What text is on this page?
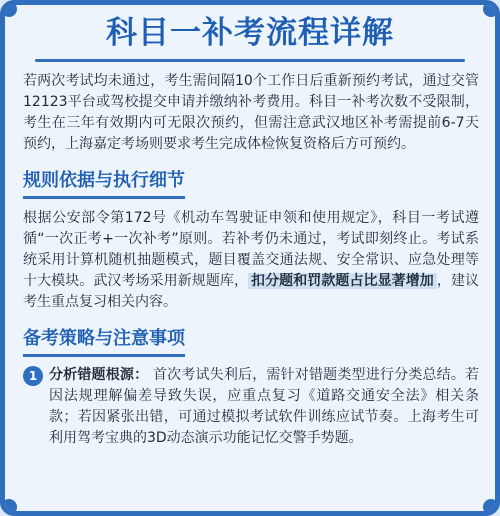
科目一补考流程详解

若两次考试均未通过，考生需间隔10个工作日后重新预约考试，通过交管12123平台或驾校提交申请并缴纳补考费用。科目一补考次数不受限制，考生在三年有效期内可无限次预约，但需注意武汉地区补考需提前6-7天预约，上海嘉定考场则要求考生完成体检恢复资格后方可预约。

规则依据与执行细节

根据公安部令第172号《机动车驾驶证申领和使用规定》，科目一考试遵循“一次正考+一次补考”原则。若补考仍未通过，考试即刻终止。考试系统采用计算机随机抽题模式，题目覆盖交通法规、安全常识、应急处理等十大模块。武汉考场采用新规题库， 扣分题和罚款题占比显著增加 ，建议考生重点复习相关内容。

备考策略与注意事项
1 分析错题根源： 首次考试失利后，需针对错题类型进行分类总结。若因法规理解偏差导致失误，应重点复习《道路交通安全法》相关条款；若因紧张出错，可通过模拟考试软件训练应试节奏。上海考生可利用驾考宝典的3D动态演示功能记忆交警手势题。
